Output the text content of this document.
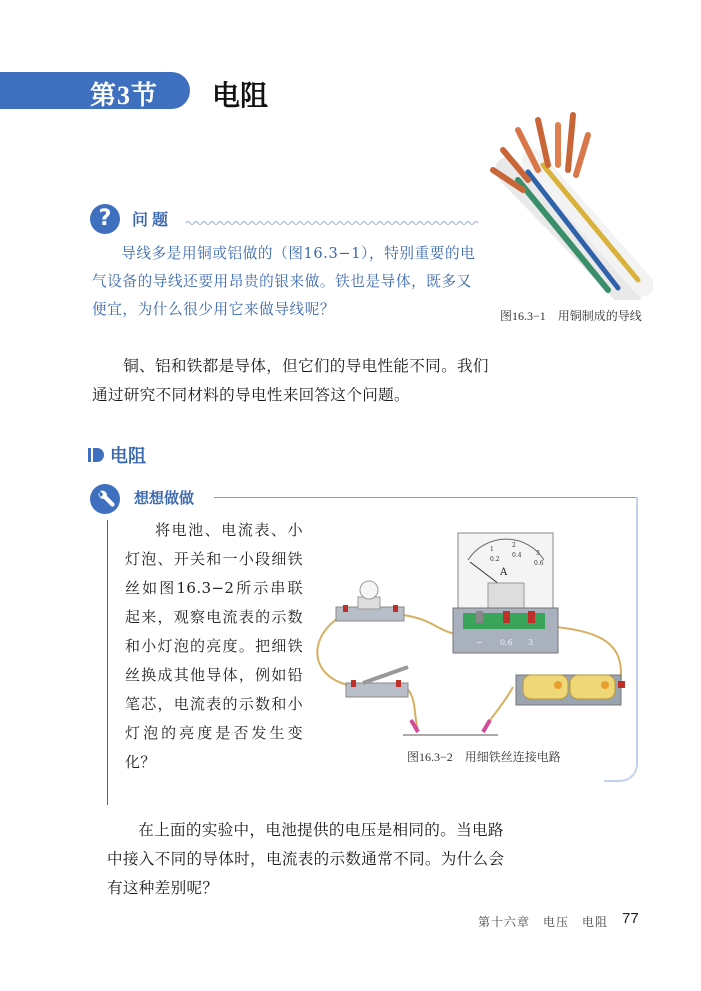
第3节 电阻
图16.3−1　用铜制成的导线
?	问题
导线多是用铜或铝做的（图16.3−1），特别重要的电气设备的导线还要用昂贵的银来做。铁也是导体，既多又便宜，为什么很少用它来做导线呢？
铜、铝和铁都是导体，但它们的导电性能不同。我们通过研究不同材料的导电性来回答这个问题。
电阻
想想做做
将电池、电流表、小灯泡、开关和一小段细铁丝如图16.3−2所示串联起来，观察电流表的示数和小灯泡的亮度。把细铁丝换成其他导体，例如铅笔芯，电流表的示数和小灯泡的亮度是否发生变化？
1
2
3
0.2
0.4
0.6
A
− 0.6 3
图16.3−2　用细铁丝连接电路
在上面的实验中，电池提供的电压是相同的。当电路中接入不同的导体时，电流表的示数通常不同。为什么会有这种差别呢？
第十六章　电压　电阻 77
